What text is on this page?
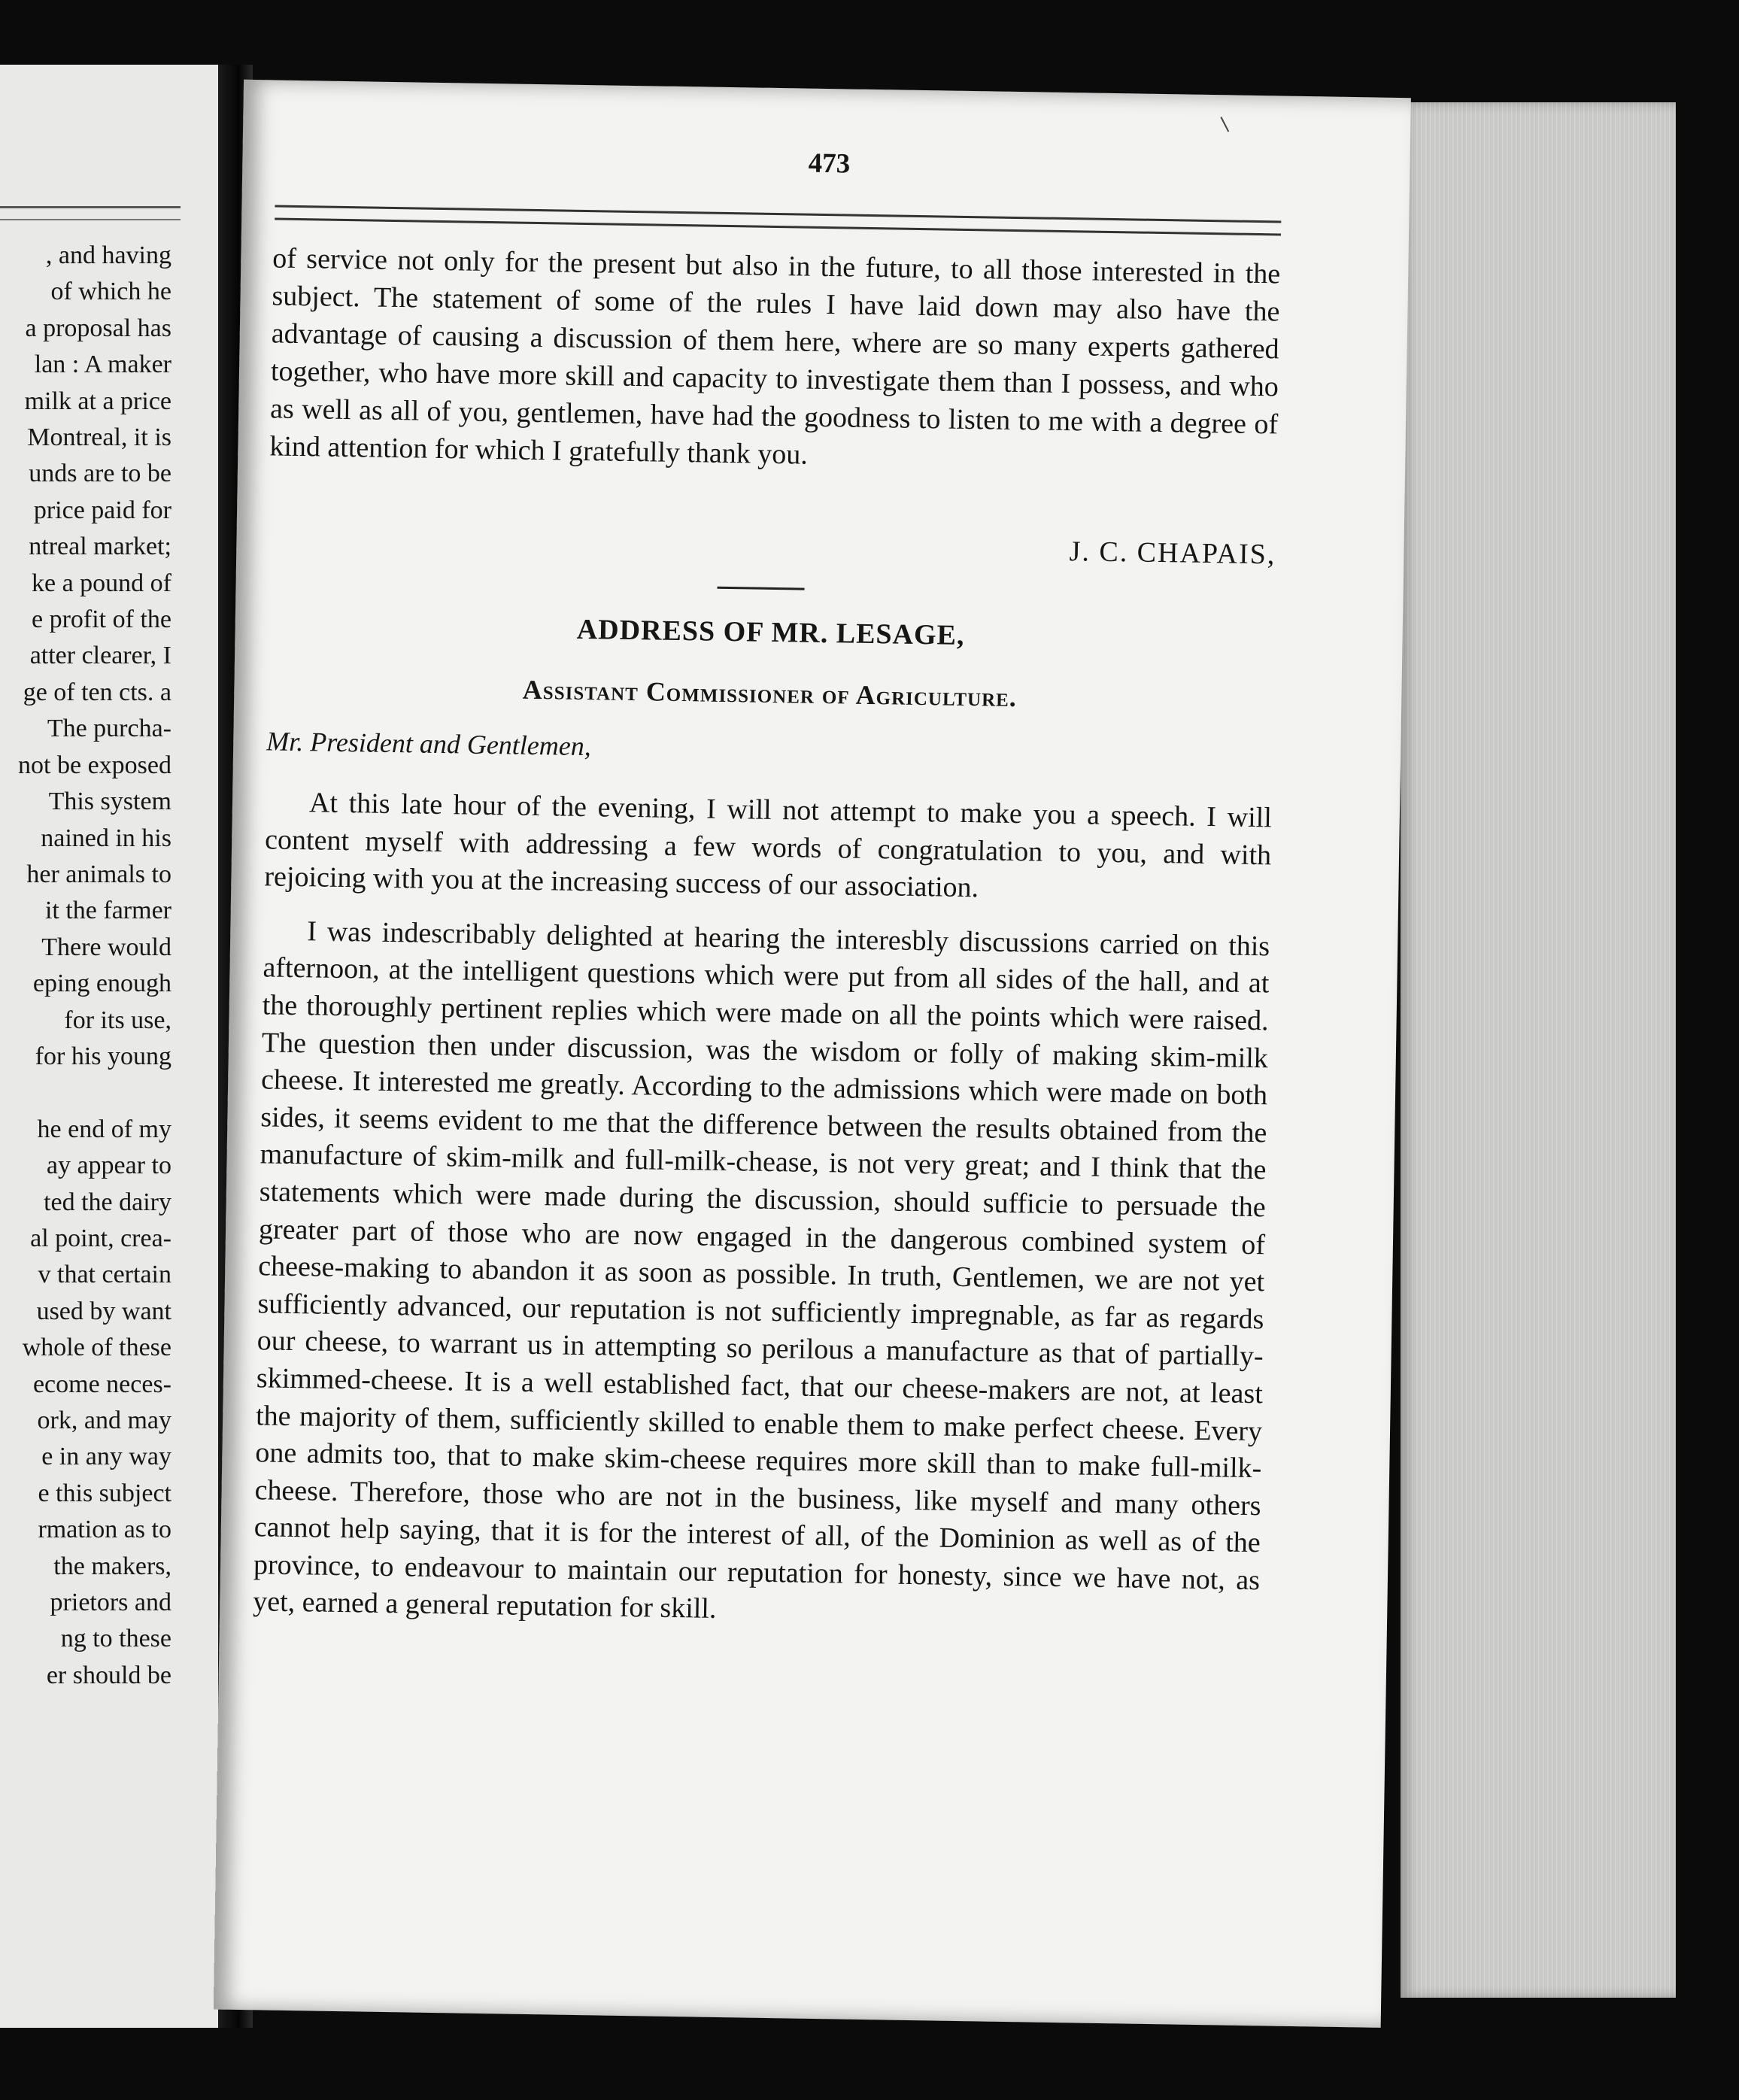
, and having
of which he
a proposal has
lan : A maker
milk at a price
Montreal, it is
unds are to be
price paid for
ntreal market;
ke a pound of
e profit of the
atter clearer, I
ge of ten cts. a
The purcha-
not be exposed
This system
nained in his
her animals to
it the farmer
There would
eping enough
for its use,
for his young
he end of my
ay appear to
ted the dairy
al point, crea-
v that certain
used by want
whole of these
ecome neces-
ork, and may
e in any way
e this subject
rmation as to
the makers,
prietors and
ng to these
er should be
473

of service not only for the present but also in the future, to all those interested in the subject. The statement of some of the rules I have laid down may also have the advantage of causing a discussion of them here, where are so many experts gathered together, who have more skill and capacity to investigate them than I possess, and who as well as all of you, gentlemen, have had the goodness to listen to me with a degree of kind attention for which I gratefully thank you.

J. C. CHAPAIS,

ADDRESS OF MR. LESAGE,
Assistant Commissioner of Agriculture.

Mr. President and Gentlemen,

At this late hour of the evening, I will not attempt to make you a speech. I will content myself with addressing a few words of congratulation to you, and with rejoicing with you at the increasing success of our association.

I was indescribably delighted at hearing the interesbly discussions carried on this afternoon, at the intelligent questions which were put from all sides of the hall, and at the thoroughly pertinent replies which were made on all the points which were raised. The question then under discussion, was the wisdom or folly of making skim-milk cheese. It interested me greatly. According to the admissions which were made on both sides, it seems evident to me that the difference between the results obtained from the manufacture of skim-milk and full-milk-chease, is not very great; and I think that the statements which were made during the discussion, should sufficie to persuade the greater part of those who are now engaged in the dangerous combined system of cheese-making to abandon it as soon as possible. In truth, Gentlemen, we are not yet sufficiently advanced, our reputation is not sufficiently impregnable, as far as regards our cheese, to warrant us in attempting so perilous a manufacture as that of partially-skimmed-cheese. It is a well established fact, that our cheese-makers are not, at least the majority of them, sufficiently skilled to enable them to make perfect cheese. Every one admits too, that to make skim-cheese requires more skill than to make full-milk-cheese. Therefore, those who are not in the business, like myself and many others cannot help saying, that it is for the interest of all, of the Dominion as well as of the province, to endeavour to maintain our reputation for honesty, since we have not, as yet, earned a general reputation for skill.
